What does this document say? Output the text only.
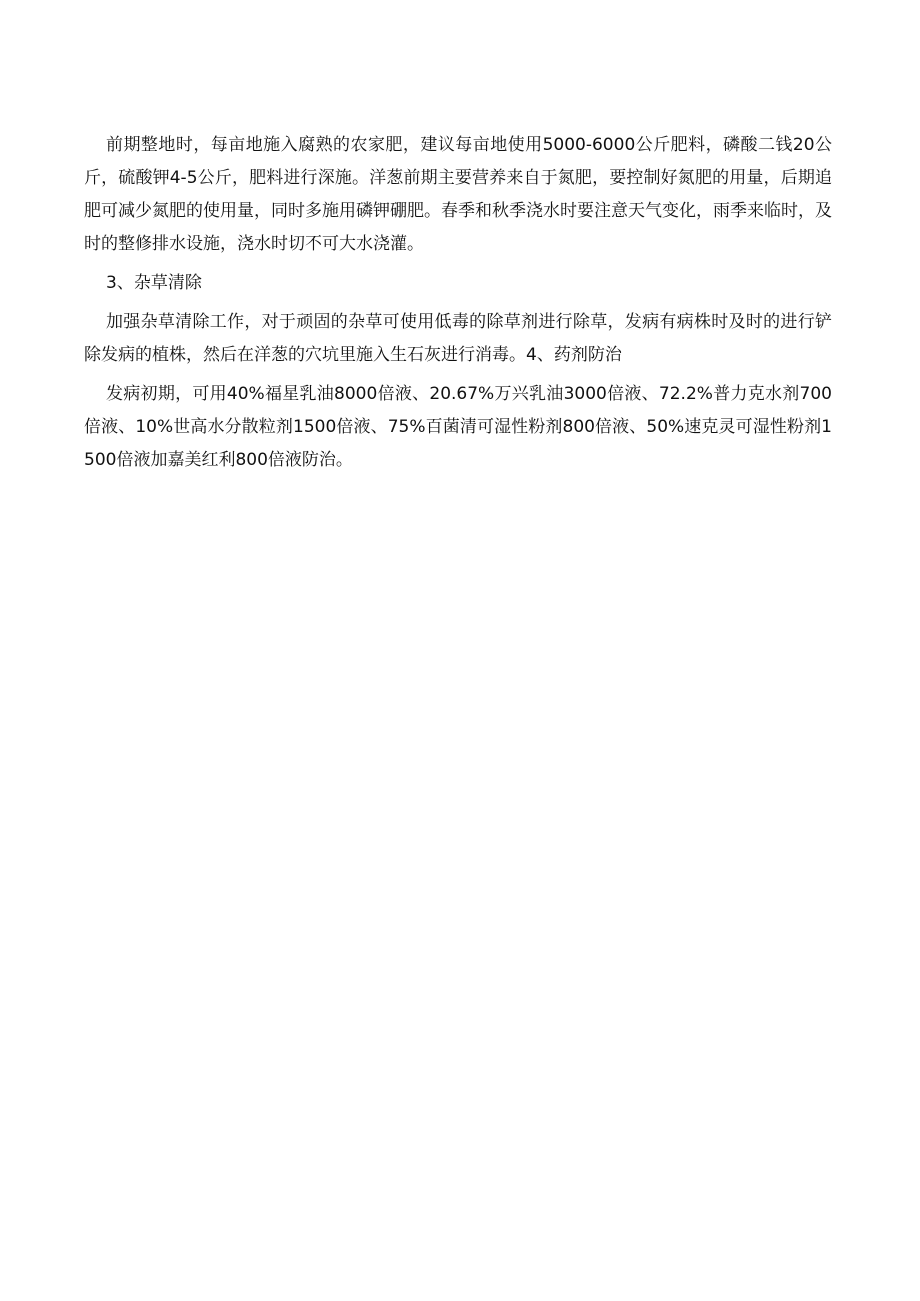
前期整地时，每亩地施入腐熟的农家肥，建议每亩地使用5000-6000公斤肥料，磷酸二钱20公斤，硫酸钾4-5公斤，肥料进行深施。洋葱前期主要营养来自于氮肥，要控制好氮肥的用量，后期追肥可减少氮肥的使用量，同时多施用磷钾硼肥。春季和秋季浇水时要注意天气变化，雨季来临时，及时的整修排水设施，浇水时切不可大水浇灌。

3、杂草清除

加强杂草清除工作，对于顽固的杂草可使用低毒的除草剂进行除草，发病有病株时及时的进行铲除发病的植株，然后在洋葱的穴坑里施入生石灰进行消毒。4、药剂防治

发病初期，可用40%福星乳油8000倍液、20.67%万兴乳油3000倍液、72.2%普力克水剂700倍液、10%世高水分散粒剂1500倍液、75%百菌清可湿性粉剂800倍液、50%速克灵可湿性粉剂1500倍液加嘉美红利800倍液防治。
